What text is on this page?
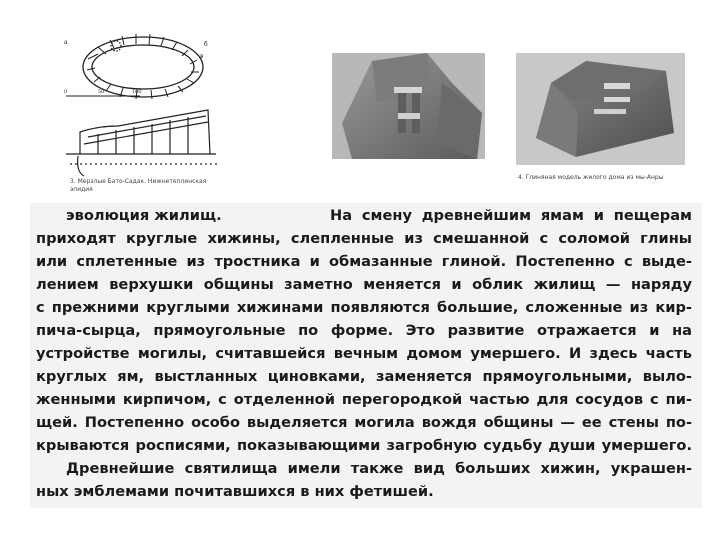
а	б
в
0	50	100
3. Мерзлые Бато-Садак. Нижнетеплинская эпидия
4. Глиняная модель жилого дома из мы-Анры
эволюция жилищ.	На смену древнейшим ямам и пещерам
приходят круглые хижины, слепленные из смешанной с соломой глины
или сплетенные из тростника и обмазанные глиной. Постепенно с выде-
лением верхушки общины заметно меняется и облик жилищ — наряду
с прежними круглыми хижинами появляются большие, сложенные из кир-
пича-сырца, прямоугольные по форме. Это развитие отражается и на
устройстве могилы, считавшейся вечным домом умершего. И здесь часть
круглых ям, выстланных циновками, заменяется прямоугольными, выло-
женными кирпичом, с отделенной перегородкой частью для сосудов с пи-
щей. Постепенно особо выделяется могила вождя общины — ее стены по-
крываются росписями, показывающими загробную судьбу души умершего.
Древнейшие святилища имели также вид больших хижин, украшен-
ных эмблемами почитавшихся в них фетишей.
